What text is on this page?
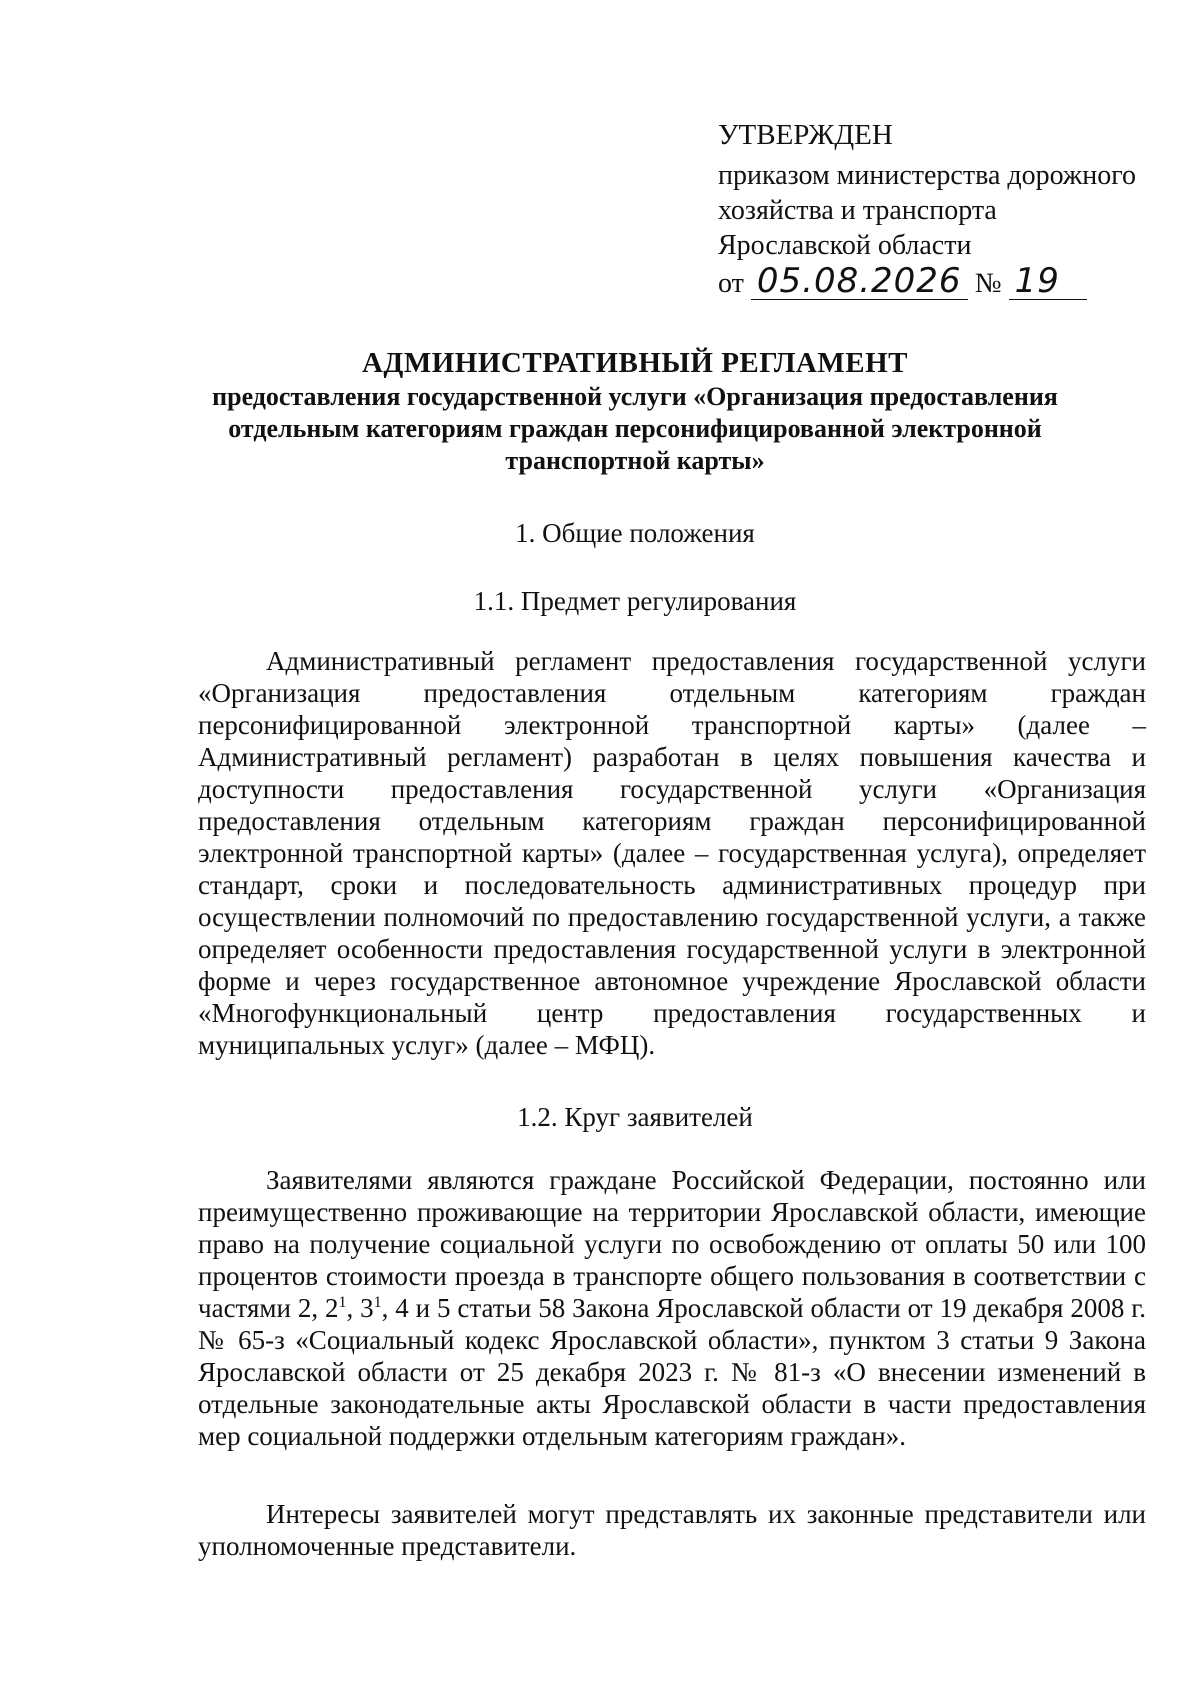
УТВЕРЖДЕН
приказом министерства дорожного
хозяйства и транспорта
Ярославской области
от 05.08.2026 № 19
АДМИНИСТРАТИВНЫЙ РЕГЛАМЕНТ
предоставления государственной услуги «Организация предоставления
отдельным категориям граждан персонифицированной электронной
транспортной карты»
1. Общие положения
1.1. Предмет регулирования

Административный регламент предоставления государственной услуги «Организация предоставления отдельным категориям граждан персонифицированной электронной транспортной карты» (далее – Административный регламент) разработан в целях повышения качества и доступности предоставления государственной услуги «Организация предоставления отдельным категориям граждан персонифицированной электронной транспортной карты» (далее – государственная услуга), определяет стандарт, сроки и последовательность административных процедур при осуществлении полномочий по предоставлению государственной услуги, а также определяет особенности предоставления государственной услуги в электронной форме и через государственное автономное учреждение Ярославской области «Многофункциональный центр предоставления государственных и муниципальных услуг» (далее – МФЦ).

1.2. Круг заявителей

Заявителями являются граждане Российской Федерации, постоянно или преимущественно проживающие на территории Ярославской области, имеющие право на получение социальной услуги по освобождению от оплаты 50 или 100 процентов стоимости проезда в транспорте общего пользования в соответствии с частями 2, $2^1$, $3^1$, 4 и 5 статьи 58 Закона Ярославской области от 19 декабря 2008 г. № 65-з «Социальный кодекс Ярославской области», пунктом 3 статьи 9 Закона Ярославской области от 25 декабря 2023 г. № 81-з «О внесении изменений в отдельные законодательные акты Ярославской области в части предоставления мер социальной поддержки отдельным категориям граждан».

Интересы заявителей могут представлять их законные представители или уполномоченные представители.
